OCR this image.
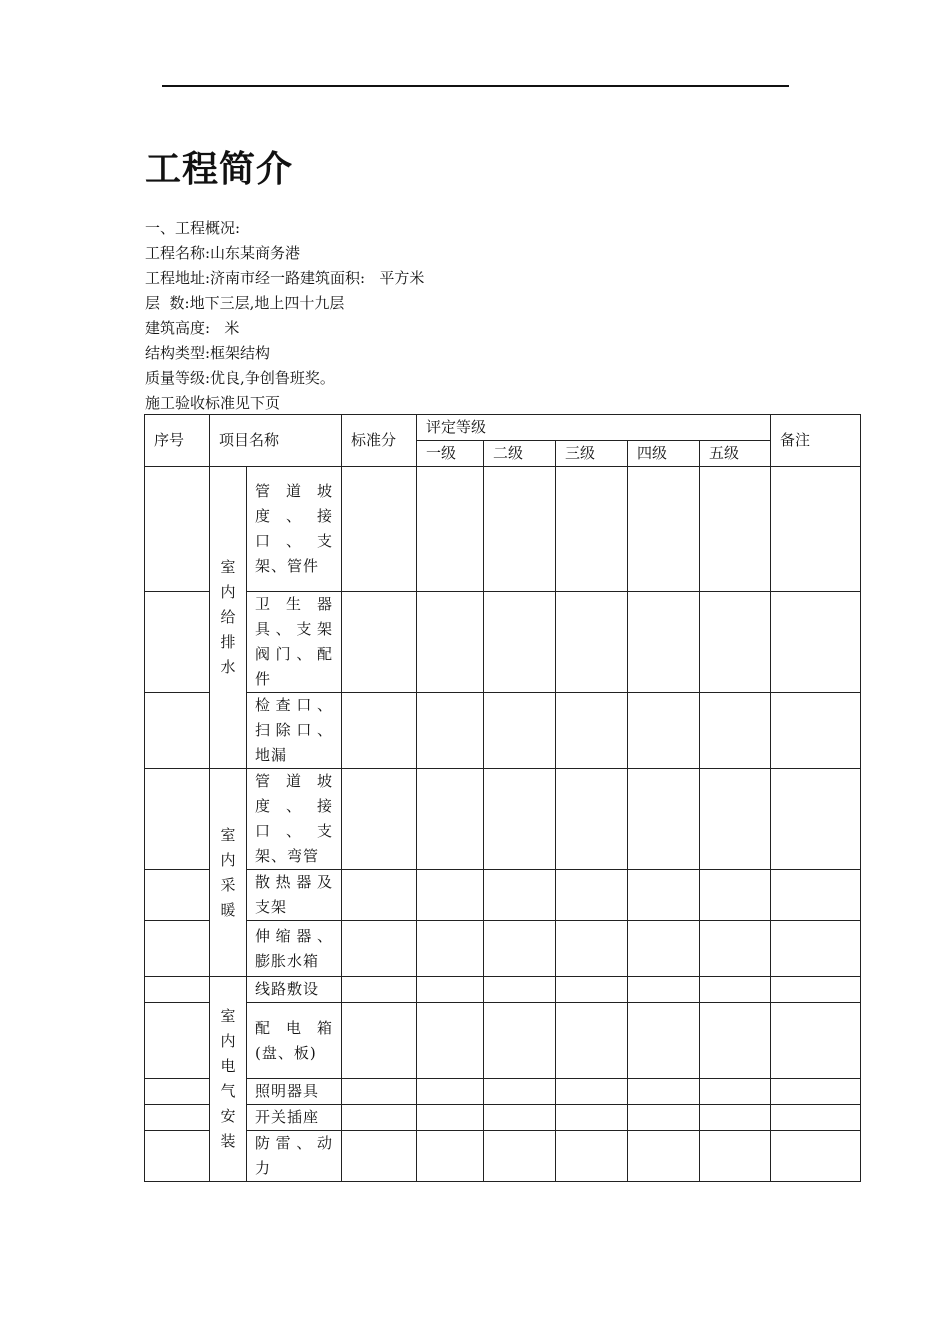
工程简介

一、工程概况:

工程名称:山东某商务港

工程地址:济南市经一路建筑面积:   平方米

层  数:地下三层,地上四十九层

建筑高度:   米

结构类型:框架结构

质量等级:优良,争创鲁班奖。

施工验收标准见下页

序号	项目名称		标准分	评定等级					备注
				一级	二级	三级	四级	五级	
	室内给排水	管道坡度、接口、支架、管件							
		卫生器具、支架阀门、配件							
		检查口、扫除口、地漏							
	室内采暖	管道坡度、接口、支架、弯管							
		散热器及支架							
		伸缩器、膨胀水箱							
	室内电气安装	线路敷设							
		配电箱(盘、板)							
		照明器具							
		开关插座							
		防雷、动力							
